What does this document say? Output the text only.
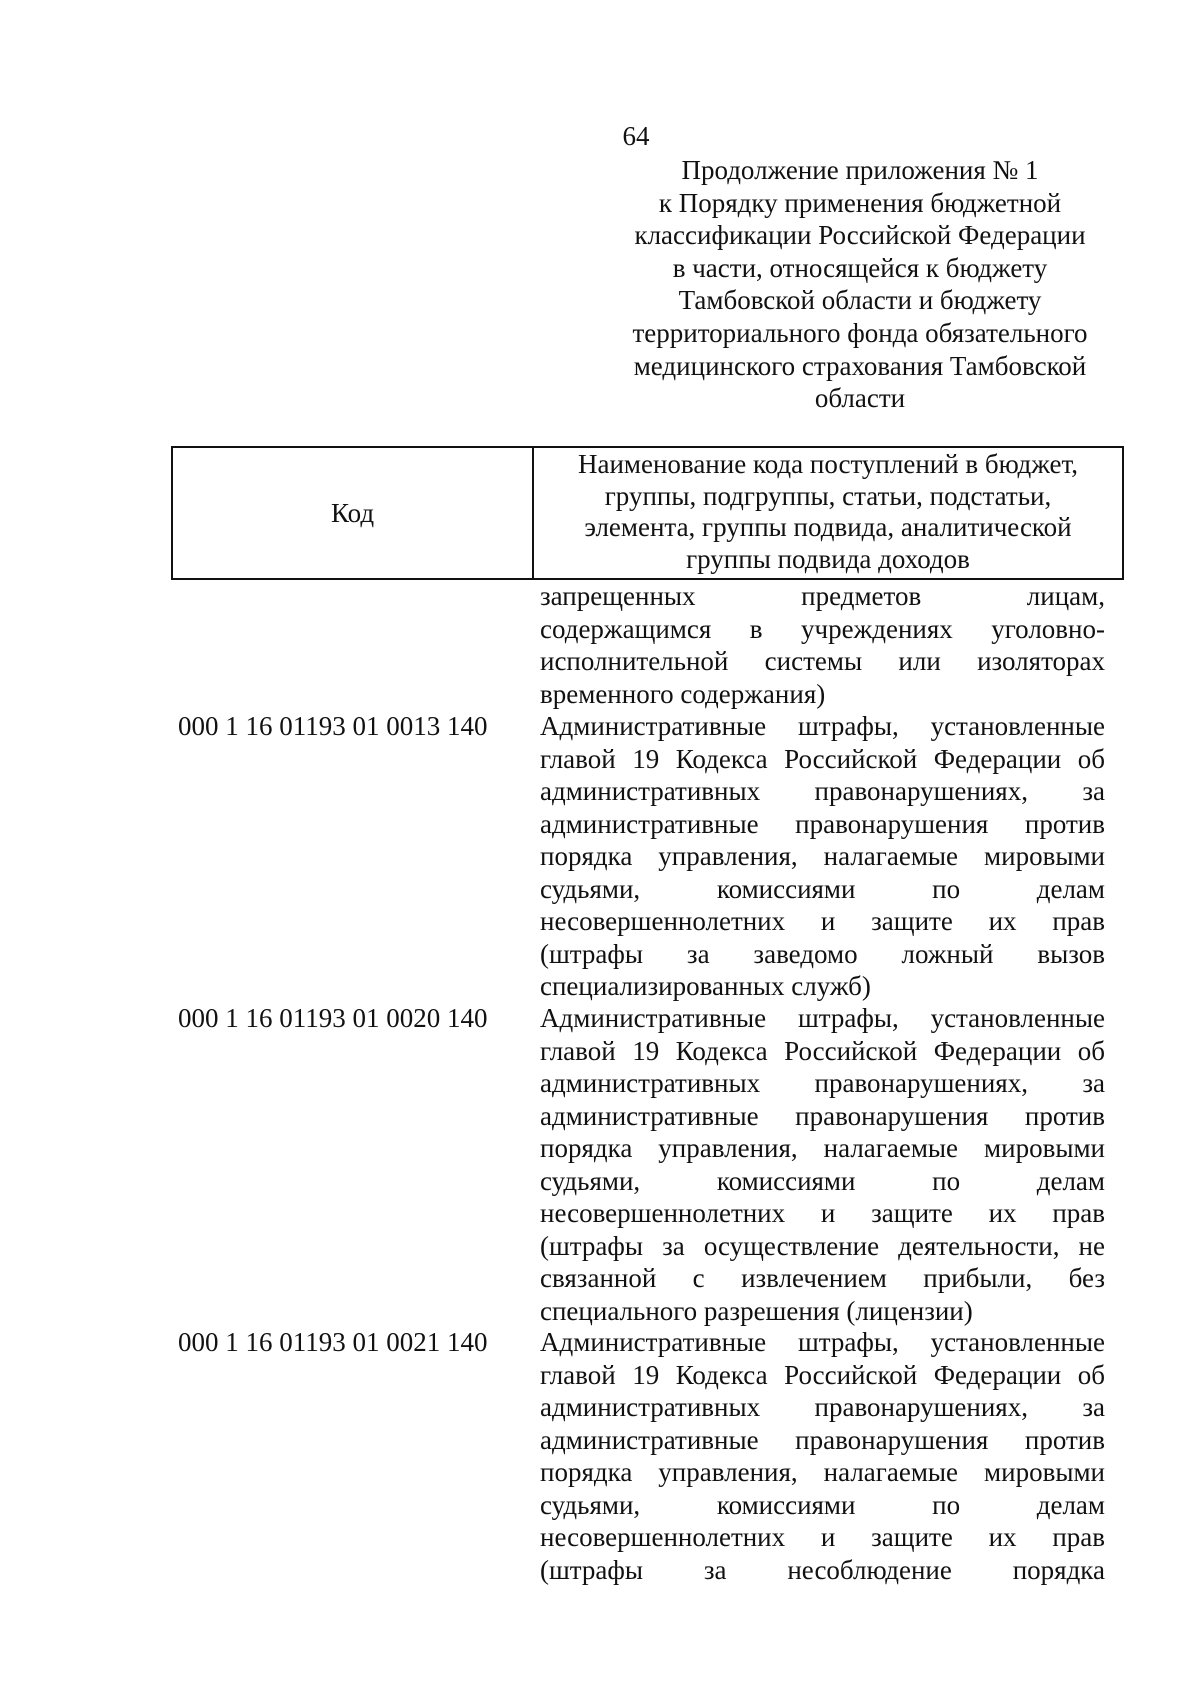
64
Продолжение приложения № 1
к Порядку применения бюджетной
классификации Российской Федерации
в части, относящейся к бюджету
Тамбовской области и бюджету
территориального фонда обязательного
медицинского страхования Тамбовской
области
Код
Наименование кода поступлений в бюджет,
группы, подгруппы, статьи, подстатьи,
элемента, группы подвида, аналитической
группы подвида доходов
запрещенных предметов лицам,
содержащимся в учреждениях уголовно-
исполнительной системы или изоляторах
временного содержания)
000 1 16 01193 01 0013 140 Административные штрафы, установленные
главой 19 Кодекса Российской Федерации об
административных правонарушениях, за
административные правонарушения против
порядка управления, налагаемые мировыми
судьями, комиссиями по делам
несовершеннолетних и защите их прав
(штрафы за заведомо ложный вызов
специализированных служб)
000 1 16 01193 01 0020 140 Административные штрафы, установленные
главой 19 Кодекса Российской Федерации об
административных правонарушениях, за
административные правонарушения против
порядка управления, налагаемые мировыми
судьями, комиссиями по делам
несовершеннолетних и защите их прав
(штрафы за осуществление деятельности, не
связанной с извлечением прибыли, без
специального разрешения (лицензии)
000 1 16 01193 01 0021 140 Административные штрафы, установленные
главой 19 Кодекса Российской Федерации об
административных правонарушениях, за
административные правонарушения против
порядка управления, налагаемые мировыми
судьями, комиссиями по делам
несовершеннолетних и защите их прав
(штрафы за несоблюдение порядка
